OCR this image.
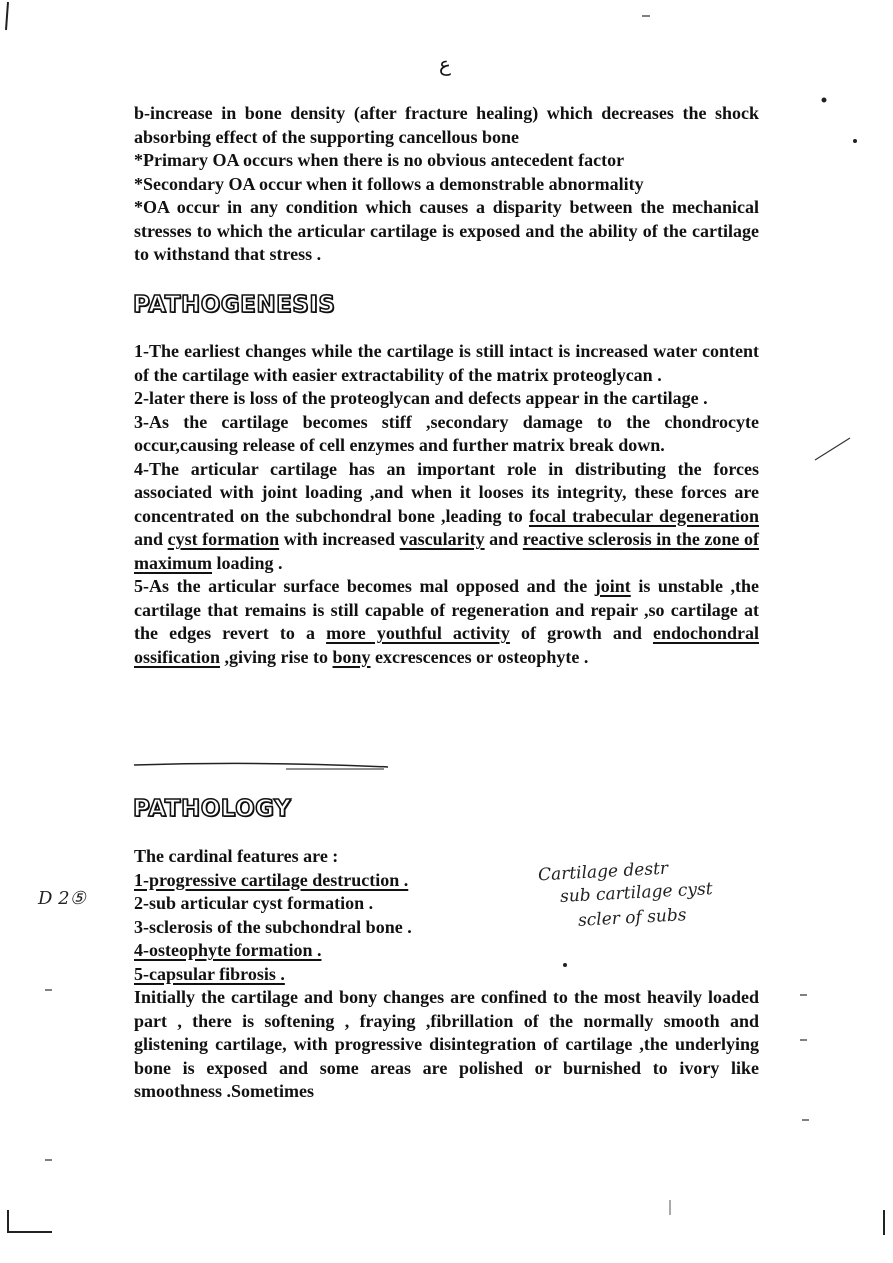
ع

b-increase in bone density (after fracture healing) which decreases the shock absorbing effect of the supporting cancellous bone

*Primary OA occurs when there is no obvious antecedent factor

*Secondary OA occur when it follows a demonstrable abnormality

*OA occur in any condition which causes a disparity between the mechanical stresses to which the articular cartilage is exposed and the ability of the cartilage to withstand that stress .

PATHOGENESIS

1-The earliest changes while the cartilage is still intact is increased water content of the cartilage with easier extractability of the matrix proteoglycan .

2-later there is loss of the proteoglycan and defects appear in the cartilage .

3-As the cartilage becomes stiff ,secondary damage to the chondrocyte occur,causing release of cell enzymes and further matrix break down.

4-The articular cartilage has an important role in distributing the forces associated with joint loading ,and when it looses its integrity, these forces are concentrated on the subchondral bone ,leading to focal trabecular degeneration and cyst formation with increased vascularity and reactive sclerosis in the zone of maximum loading .

5-As the articular surface becomes mal opposed and the joint is unstable ,the cartilage that remains is still capable of regeneration and repair ,so cartilage at the edges revert to a more youthful activity of growth and endochondral ossification ,giving rise to bony excrescences or osteophyte .

PATHOLOGY

The cardinal features are :

1-progressive cartilage destruction .

2-sub articular cyst formation .

3-sclerosis of the subchondral bone .

4-osteophyte formation .

5-capsular fibrosis .

Initially the cartilage and bony changes are confined to the most heavily loaded part , there is softening , fraying ,fibrillation of the normally smooth and glistening cartilage, with progressive disintegration of cartilage ,the underlying bone is exposed and some areas are polished or burnished to ivory like smoothness .Sometimes

D 2⑤
Cartilage destr
sub cartilage cyst
scler of subs
